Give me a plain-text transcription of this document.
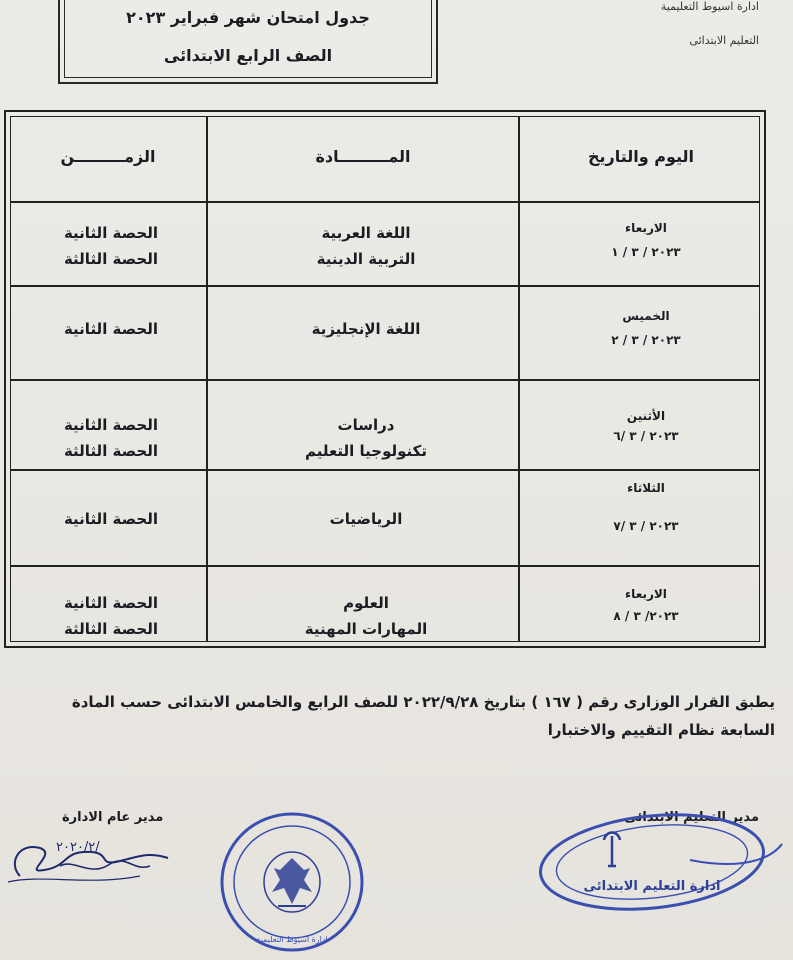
ادارة اسيوط التعليمية
التعليم الابتدائى
جدول امتحان شهر فبراير ٢٠٢٣
الصف الرابع الابتدائى
اليوم والتاريخ
المـــــــــادة
الزمـــــــــن
الاربعاء
٢٠٢٣ / ٣ / ١
اللغة العربية
التربية الدينية
الحصة الثانية
الحصة الثالثة
الخميس
٢٠٢٣ / ٣ / ٢
اللغة الإنجليزية
الحصة الثانية
الأثنين
٢٠٢٣ / ٣ /٦
دراسات
تكنولوجيا التعليم
الحصة الثانية
الحصة الثالثة
الثلاثاء
٢٠٢٣ / ٣ /٧
الرياضيات
الحصة الثانية
الاربعاء
٢٠٢٣/ ٣ / ٨
العلوم
المهارات المهنية
الحصة الثانية
الحصة الثالثة
يطبق القرار الوزارى رقم ( ١٦٧ ) بتاريخ ٢٠٢٢/٩/٢٨ للصف الرابع والخامس الابتدائى حسب المادة
السابعة نظام التقييم والاختبارا
مدير التعليم الابتدائى
مدير عام الادارة
٢٠٢٠/٢/
ادارة اسيوط التعليمية
ادارة التعليم الابتدائى
